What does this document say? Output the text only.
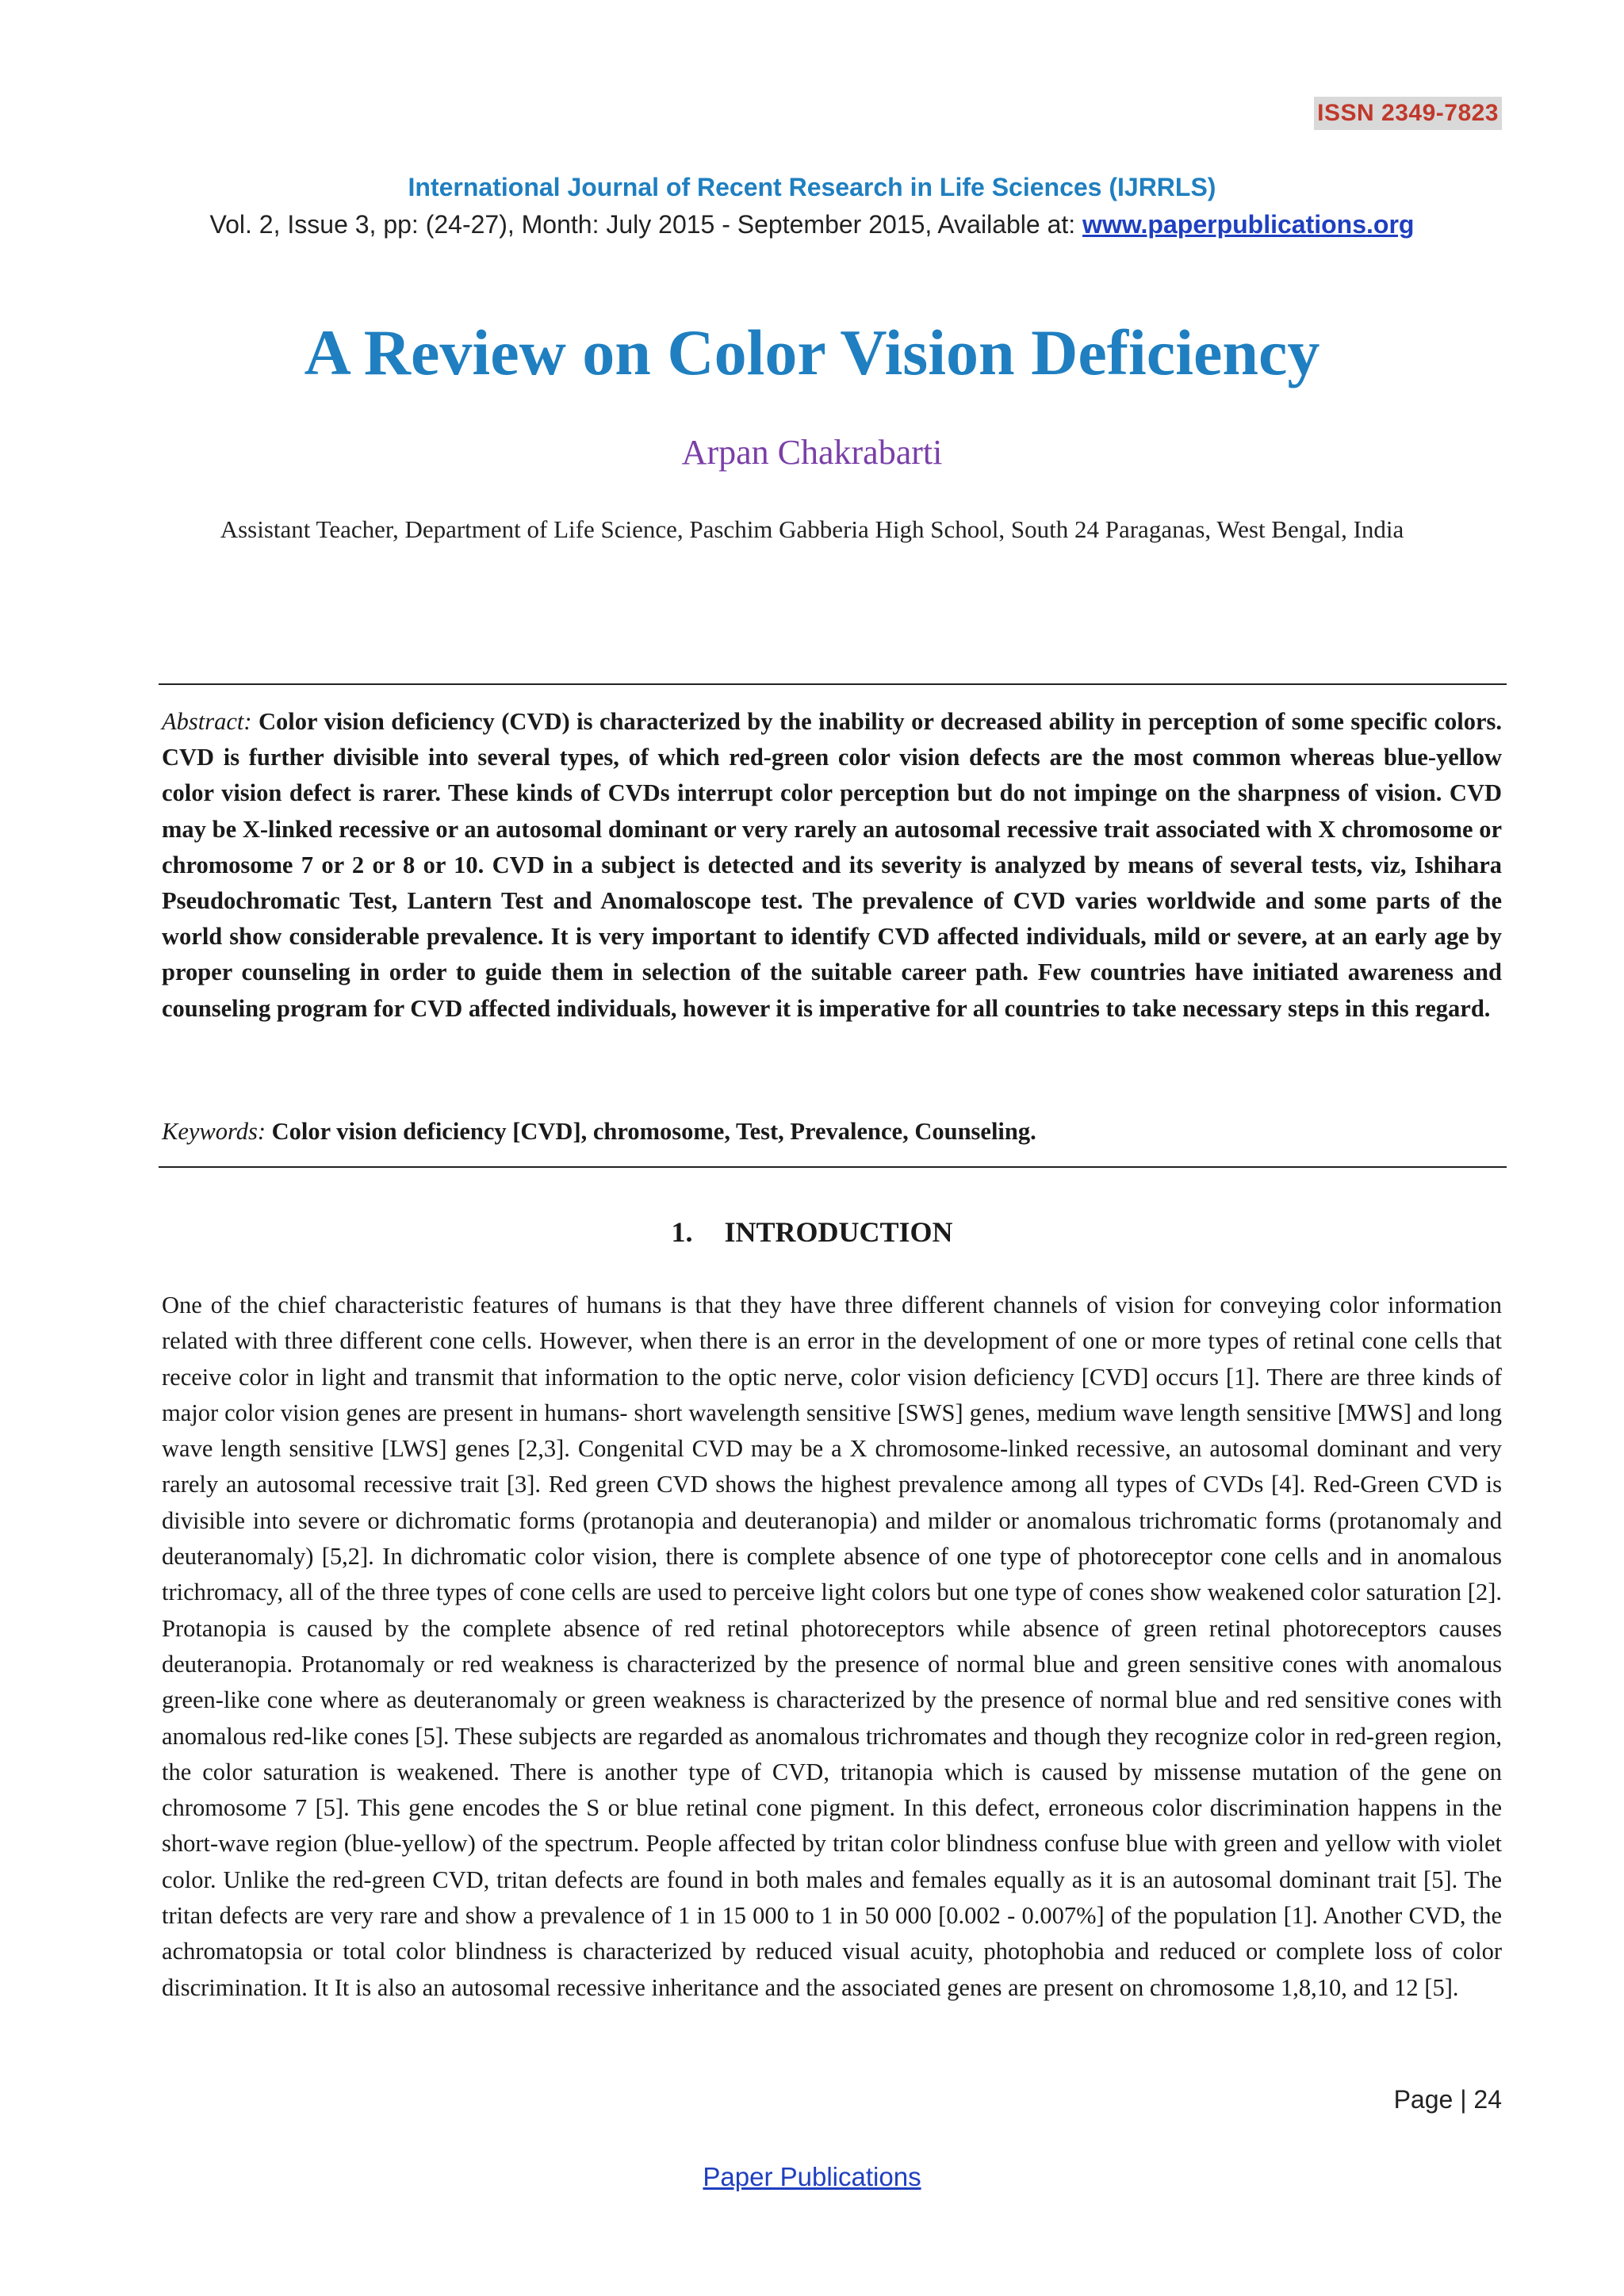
ISSN 2349-7823
International Journal of Recent Research in Life Sciences (IJRRLS)
Vol. 2, Issue 3, pp: (24-27), Month: July 2015 - September 2015, Available at: www.paperpublications.org
A Review on Color Vision Deficiency
Arpan Chakrabarti
Assistant Teacher, Department of Life Science, Paschim Gabberia High School, South 24 Paraganas, West Bengal, India
Abstract: Color vision deficiency (CVD) is characterized by the inability or decreased ability in perception of some specific colors. CVD is further divisible into several types, of which red-green color vision defects are the most common whereas blue-yellow color vision defect is rarer. These kinds of CVDs interrupt color perception but do not impinge on the sharpness of vision. CVD may be X-linked recessive or an autosomal dominant or very rarely an autosomal recessive trait associated with X chromosome or chromosome 7 or 2 or 8 or 10. CVD in a subject is detected and its severity is analyzed by means of several tests, viz, Ishihara Pseudochromatic Test, Lantern Test and Anomaloscope test. The prevalence of CVD varies worldwide and some parts of the world show considerable prevalence. It is very important to identify CVD affected individuals, mild or severe, at an early age by proper counseling in order to guide them in selection of the suitable career path. Few countries have initiated awareness and counseling program for CVD affected individuals, however it is imperative for all countries to take necessary steps in this regard.
Keywords: Color vision deficiency [CVD], chromosome, Test, Prevalence, Counseling.
1. INTRODUCTION
One of the chief characteristic features of humans is that they have three different channels of vision for conveying color information related with three different cone cells. However, when there is an error in the development of one or more types of retinal cone cells that receive color in light and transmit that information to the optic nerve, color vision deficiency [CVD] occurs [1]. There are three kinds of major color vision genes are present in humans- short wavelength sensitive [SWS] genes, medium wave length sensitive [MWS] and long wave length sensitive [LWS] genes [2,3]. Congenital CVD may be a X chromosome-linked recessive, an autosomal dominant and very rarely an autosomal recessive trait [3]. Red green CVD shows the highest prevalence among all types of CVDs [4]. Red-Green CVD is divisible into severe or dichromatic forms (protanopia and deuteranopia) and milder or anomalous trichromatic forms (protanomaly and deuteranomaly) [5,2]. In dichromatic color vision, there is complete absence of one type of photoreceptor cone cells and in anomalous trichromacy, all of the three types of cone cells are used to perceive light colors but one type of cones show weakened color saturation [2]. Protanopia is caused by the complete absence of red retinal photoreceptors while absence of green retinal photoreceptors causes deuteranopia. Protanomaly or red weakness is characterized by the presence of normal blue and green sensitive cones with anomalous green-like cone where as deuteranomaly or green weakness is characterized by the presence of normal blue and red sensitive cones with anomalous red-like cones [5]. These subjects are regarded as anomalous trichromates and though they recognize color in red-green region, the color saturation is weakened. There is another type of CVD, tritanopia which is caused by missense mutation of the gene on chromosome 7 [5]. This gene encodes the S or blue retinal cone pigment. In this defect, erroneous color discrimination happens in the short-wave region (blue-yellow) of the spectrum. People affected by tritan color blindness confuse blue with green and yellow with violet color. Unlike the red-green CVD, tritan defects are found in both males and females equally as it is an autosomal dominant trait [5]. The tritan defects are very rare and show a prevalence of 1 in 15 000 to 1 in 50 000 [0.002 - 0.007%] of the population [1]. Another CVD, the achromatopsia or total color blindness is characterized by reduced visual acuity, photophobia and reduced or complete loss of color discrimination. It It is also an autosomal recessive inheritance and the associated genes are present on chromosome 1,8,10, and 12 [5].
Page | 24
Paper Publications
